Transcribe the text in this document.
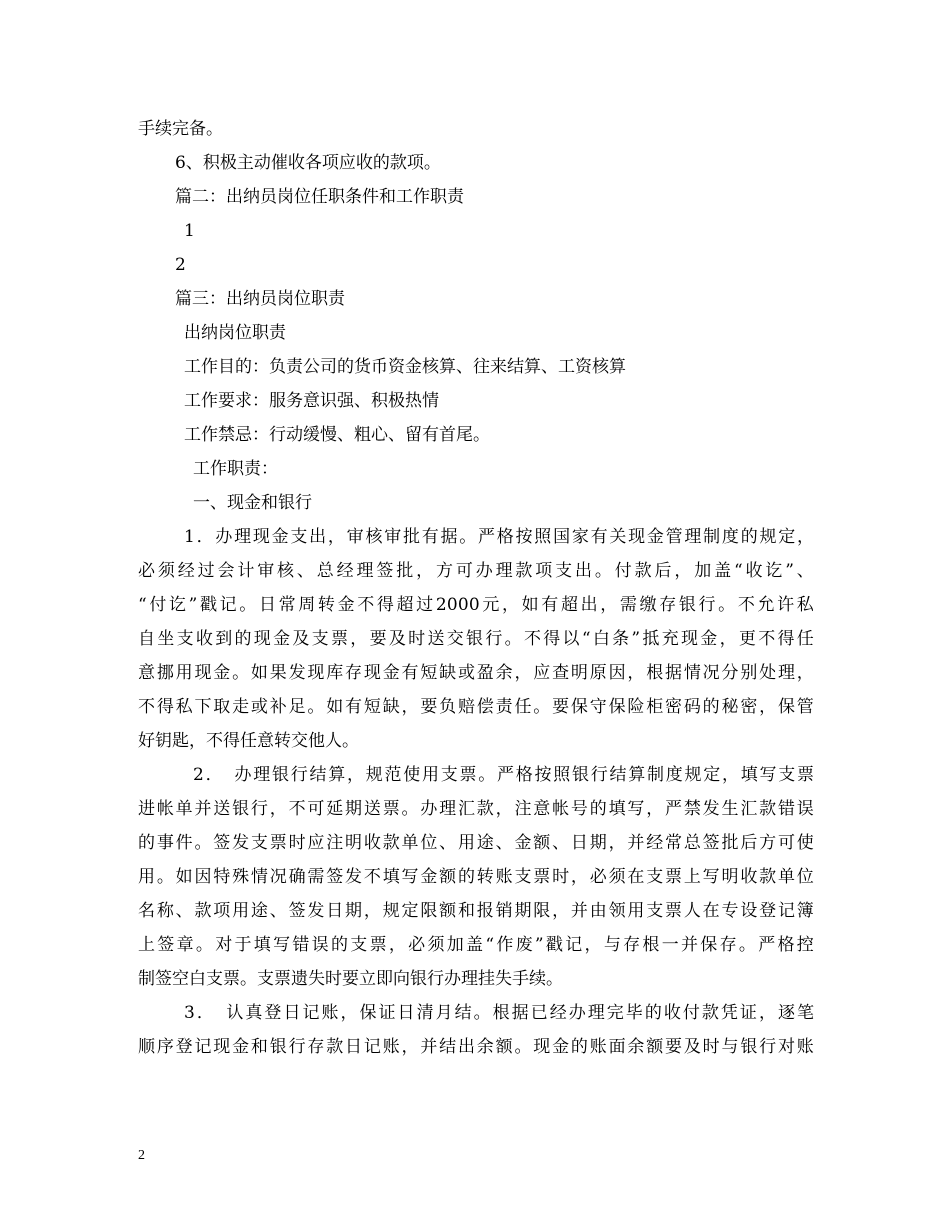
手续完备。
6、积极主动催收各项应收的款项。
篇二：出纳员岗位任职条件和工作职责
1
2
篇三：出纳员岗位职责
出纳岗位职责
工作目的：负责公司的货币资金核算、往来结算、工资核算
工作要求：服务意识强、积极热情
工作禁忌：行动缓慢、粗心、留有首尾。
工作职责：
一、现金和银行
1．办理现金支出，审核审批有据。严格按照国家有关现金管理制度的规定，
必须经过会计审核、总经理签批，方可办理款项支出。付款后，加盖“收讫”、
“付讫”戳记。日常周转金不得超过2000元，如有超出，需缴存银行。不允许私
自坐支收到的现金及支票，要及时送交银行。不得以“白条”抵充现金，更不得任
意挪用现金。如果发现库存现金有短缺或盈余，应查明原因，根据情况分别处理，
不得私下取走或补足。如有短缺，要负赔偿责任。要保守保险柜密码的秘密，保管
好钥匙，不得任意转交他人。
2．　办理银行结算，规范使用支票。严格按照银行结算制度规定，填写支票
进帐单并送银行，不可延期送票。办理汇款，注意帐号的填写，严禁发生汇款错误
的事件。签发支票时应注明收款单位、用途、金额、日期，并经常总签批后方可使
用。如因特殊情况确需签发不填写金额的转账支票时，必须在支票上写明收款单位
名称、款项用途、签发日期，规定限额和报销期限，并由领用支票人在专设登记簿
上签章。对于填写错误的支票，必须加盖“作废”戳记，与存根一并保存。严格控
制签空白支票。支票遗失时要立即向银行办理挂失手续。
3．　认真登日记账，保证日清月结。根据已经办理完毕的收付款凭证，逐笔
顺序登记现金和银行存款日记账，并结出余额。现金的账面余额要及时与银行对账
2
